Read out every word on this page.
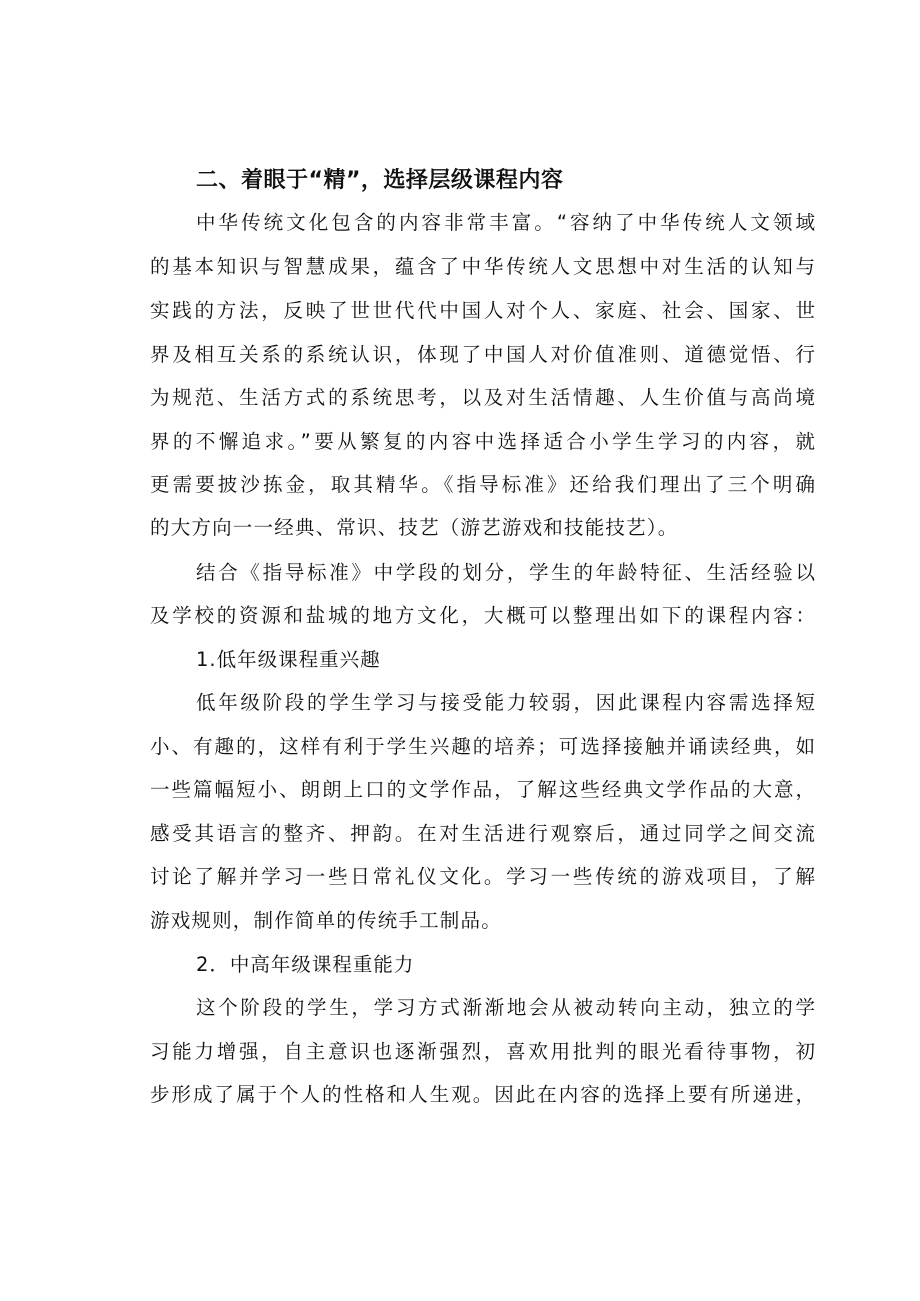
二、着眼于“精”，选择层级课程内容
中华传统文化包含的内容非常丰富。“容纳了中华传统人文领域
的基本知识与智慧成果，蕴含了中华传统人文思想中对生活的认知与
实践的方法，反映了世世代代中国人对个人、家庭、社会、国家、世
界及相互关系的系统认识，体现了中国人对价值准则、道德觉悟、行
为规范、生活方式的系统思考，以及对生活情趣、人生价值与高尚境
界的不懈追求。”要从繁复的内容中选择适合小学生学习的内容，就
更需要披沙拣金，取其精华。《指导标准》还给我们理出了三个明确
的大方向一一经典、常识、技艺（游艺游戏和技能技艺）。
结合《指导标准》中学段的划分，学生的年龄特征、生活经验以
及学校的资源和盐城的地方文化，大概可以整理出如下的课程内容：
1.低年级课程重兴趣
低年级阶段的学生学习与接受能力较弱，因此课程内容需选择短
小、有趣的，这样有利于学生兴趣的培养；可选择接触并诵读经典，如
一些篇幅短小、朗朗上口的文学作品，了解这些经典文学作品的大意，
感受其语言的整齐、押韵。在对生活进行观察后，通过同学之间交流
讨论了解并学习一些日常礼仪文化。学习一些传统的游戏项目，了解
游戏规则，制作简单的传统手工制品。
2．中高年级课程重能力
这个阶段的学生，学习方式渐渐地会从被动转向主动，独立的学
习能力增强，自主意识也逐渐强烈，喜欢用批判的眼光看待事物，初
步形成了属于个人的性格和人生观。因此在内容的选择上要有所递进，
